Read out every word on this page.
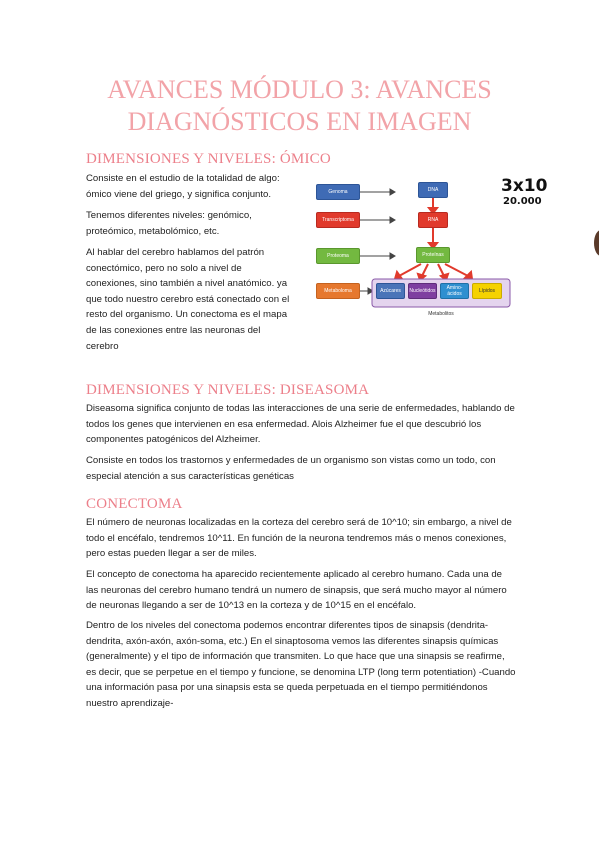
AVANCES MÓDULO 3: AVANCES
DIAGNÓSTICOS EN IMAGEN
DIMENSIONES Y NIVELES: ÓMICO

Consiste en el estudio de la totalidad de algo: ómico viene del griego, y significa conjunto.

Tenemos diferentes niveles: genómico, proteómico, metabolómico, etc.

Al hablar del cerebro hablamos del patrón conectómico, pero no solo a nivel de conexiones, sino también a nivel anatómico. ya que todo nuestro cerebro está conectado con el resto del organismo. Un conectoma es el mapa de las conexiones entre las neuronas del cerebro

Metabolitos
Genoma
Transcriptoma
Proteoma
Metaboloma
DNA
RNA
Proteínas
Azúcares	Nucleótidos	Amino-ácidos	Lípidos
3x10
20.000
DIMENSIONES Y NIVELES: DISEASOMA

Diseasoma significa conjunto de todas las interacciones de una serie de enfermedades, hablando de todos los genes que intervienen en esa enfermedad. Alois Alzheimer fue el que descubrió los componentes patogénicos del Alzheimer.

Consiste en todos los trastornos y enfermedades de un organismo son vistas como un todo, con especial atención a sus características genéticas

CONECTOMA

El número de neuronas localizadas en la corteza del cerebro será de 10^10; sin embargo, a nivel de todo el encéfalo, tendremos 10^11. En función de la neurona tendremos más o menos conexiones, pero estas pueden llegar a ser de miles.

El concepto de conectoma ha aparecido recientemente aplicado al cerebro humano. Cada una de las neuronas del cerebro humano tendrá un numero de sinapsis, que será mucho mayor al número de neuronas llegando a ser de 10^13 en la corteza y de 10^15 en el encéfalo.

Dentro de los niveles del conectoma podemos encontrar diferentes tipos de sinapsis (dendrita-dendrita, axón-axón, axón-soma, etc.) En el sinaptosoma vemos las diferentes sinapsis químicas (generalmente) y el tipo de información que transmiten. Lo que hace que una sinapsis se reafirme, es decir, que se perpetue en el tiempo y funcione, se denomina LTP (long term potentiation) -Cuando una información pasa por una sinapsis esta se queda perpetuada en el tiempo permitiéndonos nuestro aprendizaje-
